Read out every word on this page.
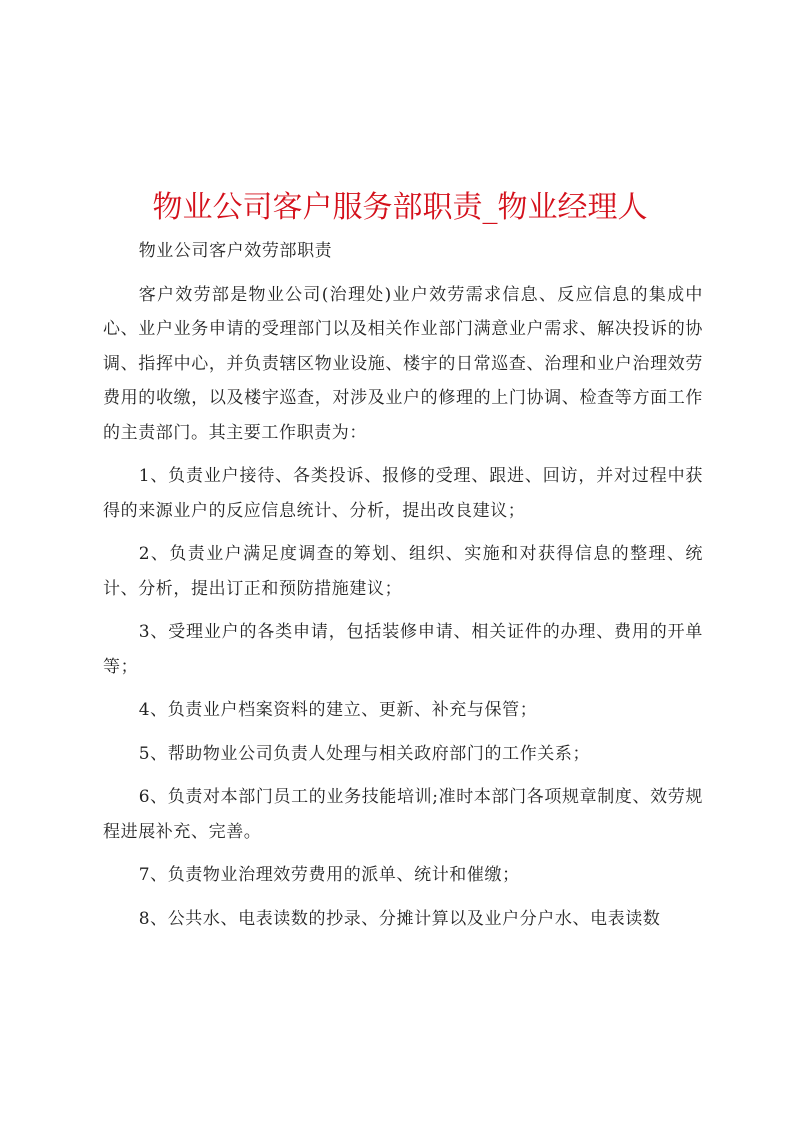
物业公司客户服务部职责_物业经理人

物业公司客户效劳部职责

客户效劳部是物业公司(治理处)业户效劳需求信息、反应信息的集成中心、业户业务申请的受理部门以及相关作业部门满意业户需求、解决投诉的协调、指挥中心，并负责辖区物业设施、楼宇的日常巡查、治理和业户治理效劳费用的收缴，以及楼宇巡查，对涉及业户的修理的上门协调、检查等方面工作的主责部门。其主要工作职责为：

1、负责业户接待、各类投诉、报修的受理、跟进、回访，并对过程中获得的来源业户的反应信息统计、分析，提出改良建议；

2、负责业户满足度调查的筹划、组织、实施和对获得信息的整理、统计、分析，提出订正和预防措施建议；

3、受理业户的各类申请，包括装修申请、相关证件的办理、费用的开单等；

4、负责业户档案资料的建立、更新、补充与保管；

5、帮助物业公司负责人处理与相关政府部门的工作关系；

6、负责对本部门员工的业务技能培训;准时本部门各项规章制度、效劳规程进展补充、完善。

7、负责物业治理效劳费用的派单、统计和催缴；

8、公共水、电表读数的抄录、分摊计算以及业户分户水、电表读数
